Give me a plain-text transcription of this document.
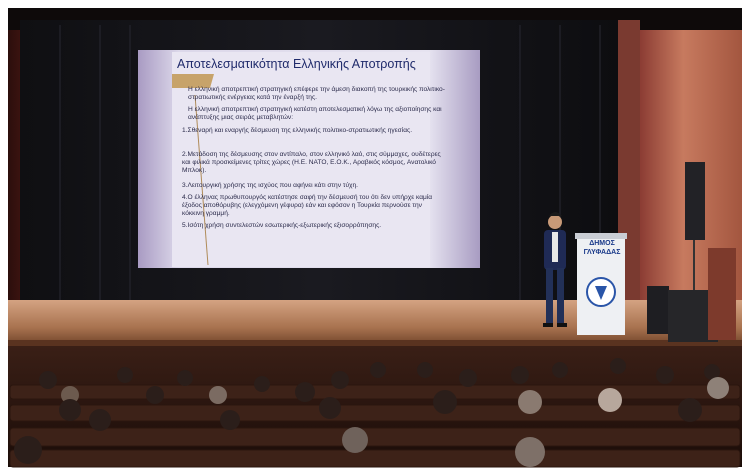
Αποτελεσματικότητα Ελληνικής Αποτροπής
Η ελληνική αποτρεπτική στρατηγική επέφερε την άμεση διακοπή της τουρκικής πολιτικο-στρατιωτικής ενέργειας κατά την έναρξή της.
Η ελληνική αποτρεπτική στρατηγική κατέστη αποτελεσματική λόγω της αξιοποίησης και ανάπτυξης μιας σειράς μεταβλητών:
1.Σθεναρή και εναργής δέσμευση της ελληνικής πολιτικο-στρατιωτικής ηγεσίας.
2.Μετάδοση της δέσμευσης στον αντίπαλο, στον ελληνικό λαό, στις σύμμαχες, ουδέτερες και φιλικά προσκείμενες τρίτες χώρες (Η.Ε. ΝΑΤΟ, Ε.Ο.Κ., Αραβικός κόσμος, Ανατολικό Μπλοκ).
3.Λειτουργική χρήσης της ισχύος που αφήνει κάτι στην τύχη.
4.Ο έλληνας πρωθυπουργός κατέστησε σαφή την δέσμευσή του ότι δεν υπήρχε καμία έξοδος αποθόρυβης (ελεγχόμενη γέφυρα) εάν και εφόσον η Τουρκία περνούσε την κόκκινη γραμμή.
5.Ισότη χρήση συντελεστών εσωτερικής-εξωτερικής εξισορρόπησης.
ΔΗΜΟΣ
ΓΛΥΦΑΔΑΣ
